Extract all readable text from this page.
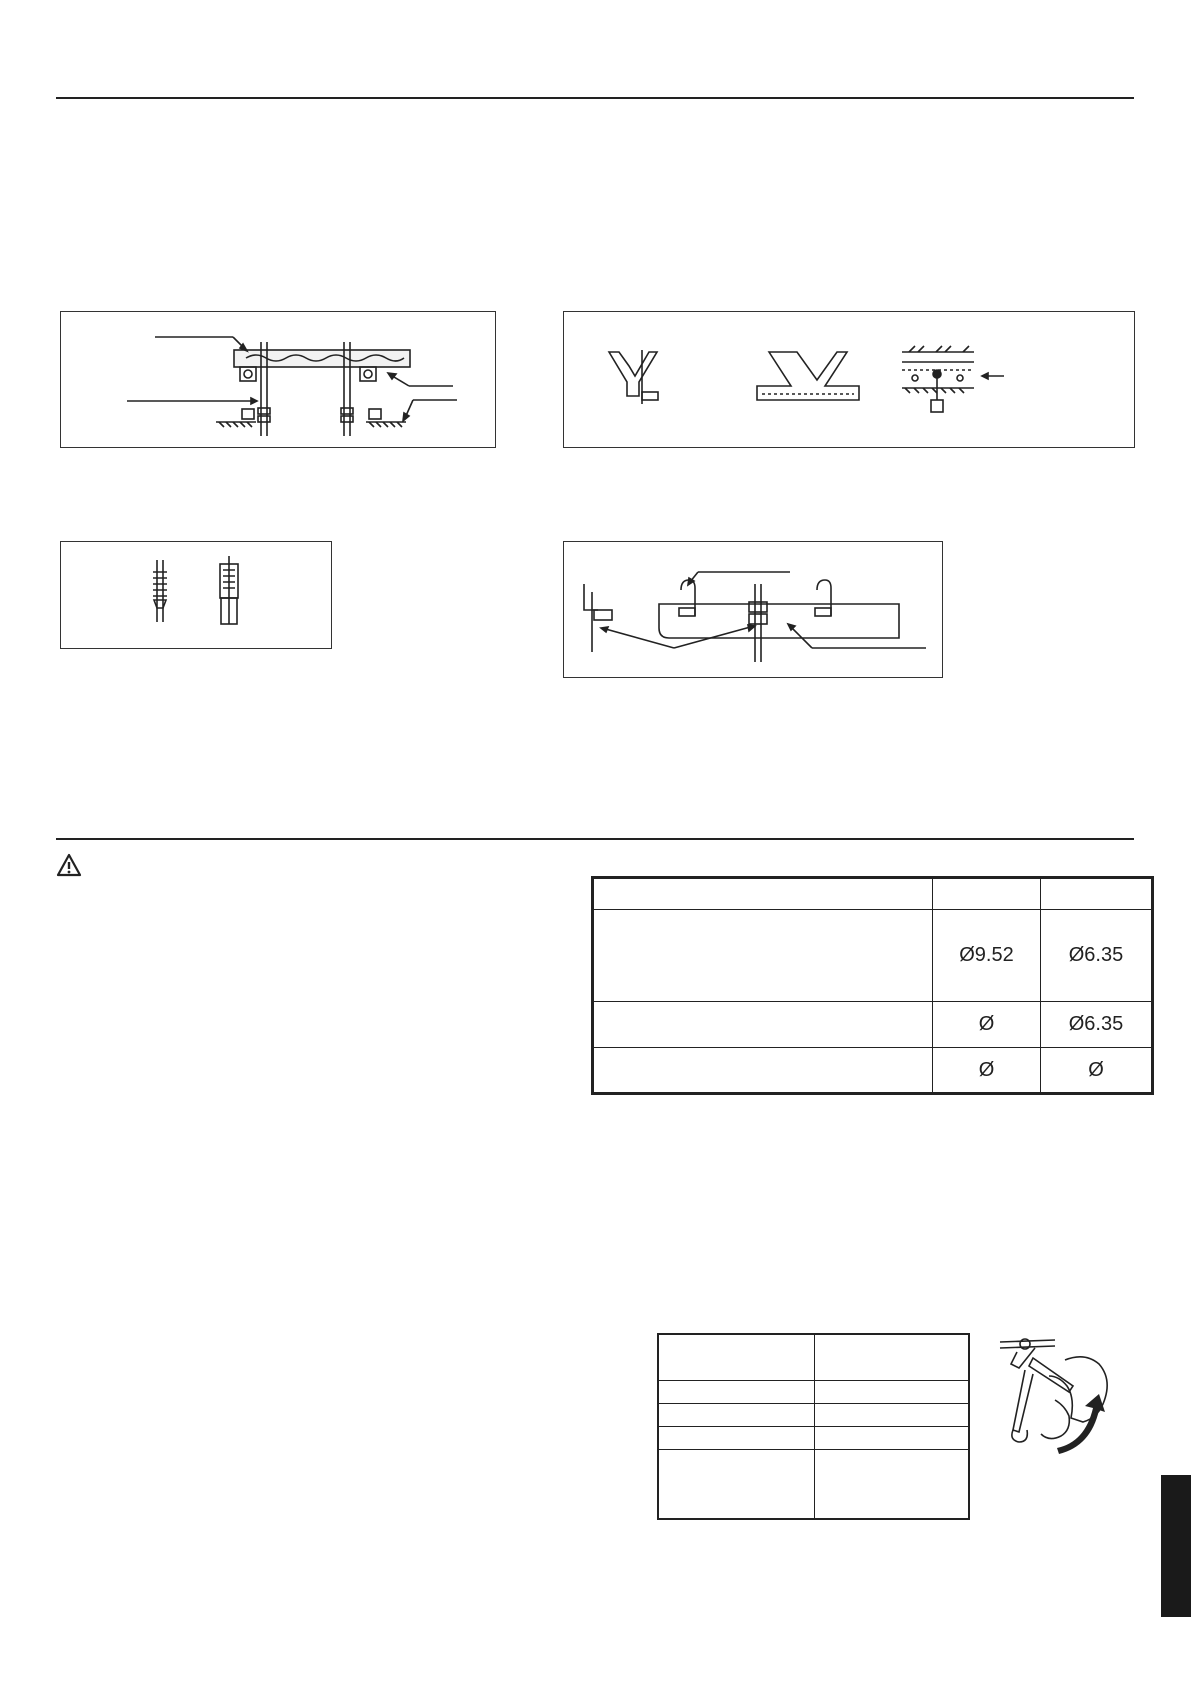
	Ø9.52	Ø6.35
	Ø	Ø6.35
	Ø	Ø
